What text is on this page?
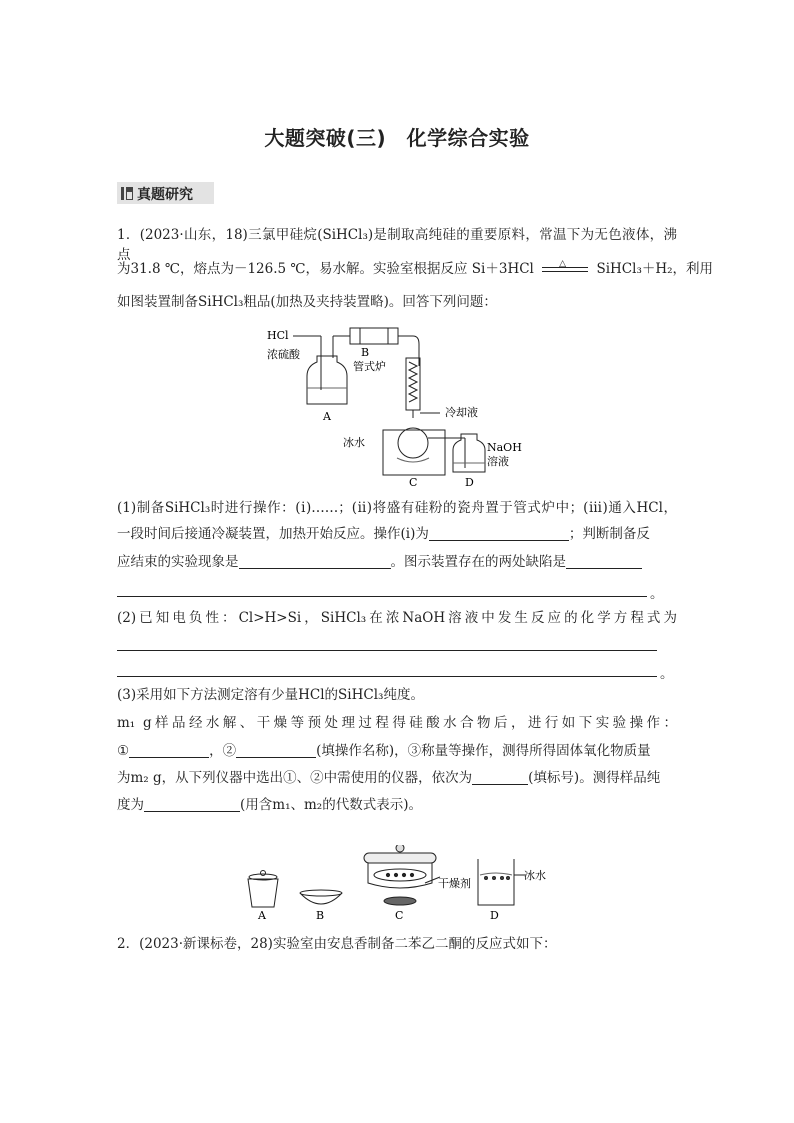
大题突破(三)　化学综合实验
真题研究
1．(2023·山东，18)三氯甲硅烷(SiHCl₃)是制取高纯硅的重要原料，常温下为无色液体，沸点
为31.8 ℃，熔点为－126.5 ℃，易水解。实验室根据反应 Si＋3HCl	△ SiHCl₃＋H₂，利用
如图装置制备SiHCl₃粗品(加热及夹持装置略)。回答下列问题：
HCl
B
管式炉
浓硫酸
A	冷却液
冰水
C
NaOH
溶液
D
(1)制备SiHCl₃时进行操作：(ⅰ)……；(ⅱ)将盛有硅粉的瓷舟置于管式炉中；(ⅲ)通入HCl，
一段时间后接通冷凝装置，加热开始反应。操作(ⅰ)为	；判断制备反
应结束的实验现象是	。图示装置存在的两处缺陷是
。
(2)已知电负性：Cl>H>Si，SiHCl₃在浓NaOH溶液中发生反应的化学方程式为
。
(3)采用如下方法测定溶有少量HCl的SiHCl₃纯度。
m₁ g样品经水解、干燥等预处理过程得硅酸水合物后，进行如下实验操作：
①	，②	(填操作名称)，③称量等操作，测得所得固体氧化物质量
为m₂ g，从下列仪器中选出①、②中需使用的仪器，依次为	(填标号)。测得样品纯
度为	(用含m₁、m₂的代数式表示)。
A	B	C
干燥剂
D
冰水
2．(2023·新课标卷，28)实验室由安息香制备二苯乙二酮的反应式如下：
